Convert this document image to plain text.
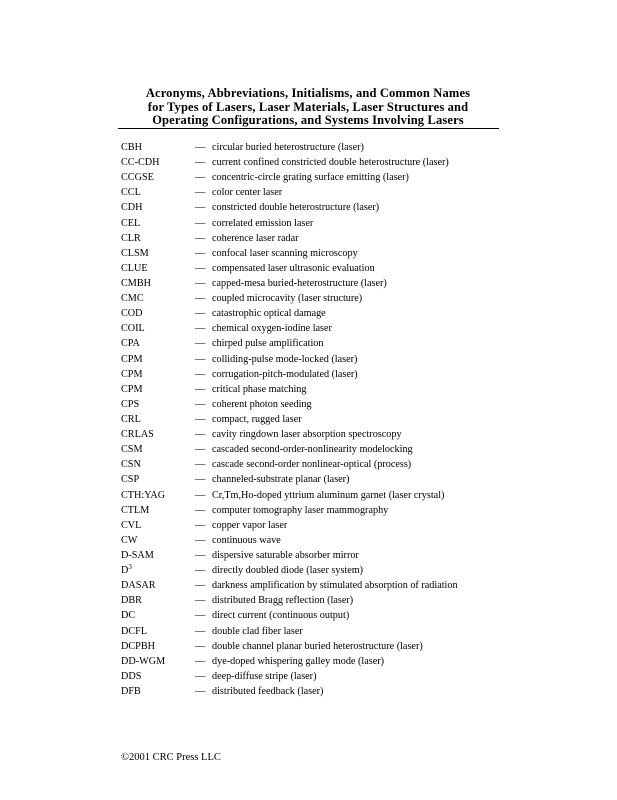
Acronyms, Abbreviations, Initialisms, and Common Names
for Types of Lasers, Laser Materials, Laser Structures and
Operating Configurations, and Systems Involving Lasers
CBH	— circular buried heterostructure (laser)
CC-CDH	— current confined constricted double heterostructure (laser)
CCGSE	— concentric-circle grating surface emitting (laser)
CCL	— color center laser
CDH	— constricted double heterostructure (laser)
CEL	— correlated emission laser
CLR	— coherence laser radar
CLSM	— confocal laser scanning microscopy
CLUE	— compensated laser ultrasonic evaluation
CMBH	— capped-mesa buried-heterostructure (laser)
CMC	— coupled microcavity (laser structure)
COD	— catastrophic optical damage
COIL	— chemical oxygen-iodine laser
CPA	— chirped pulse amplification
CPM	— colliding-pulse mode-locked (laser)
CPM	— corrugation-pitch-modulated (laser)
CPM	— critical phase matching
CPS	— coherent photon seeding
CRL	— compact, rugged laser
CRLAS	— cavity ringdown laser absorption spectroscopy
CSM	— cascaded second-order-nonlinearity modelocking
CSN	— cascade second-order nonlinear-optical (process)
CSP	— channeled-substrate planar (laser)
CTH:YAG	— Cr,Tm,Ho-doped yttrium aluminum garnet (laser crystal)
CTLM	— computer tomography laser mammography
CVL	— copper vapor laser
CW	— continuous wave
D-SAM	— dispersive saturable absorber mirror
$D^3$	— directly doubled diode (laser system)
DASAR	— darkness amplification by stimulated absorption of radiation
DBR	— distributed Bragg reflection (laser)
DC	— direct current (continuous output)
DCFL	— double clad fiber laser
DCPBH	— double channel planar buried heterostructure (laser)
DD-WGM	— dye-doped whispering galley mode (laser)
DDS	— deep-diffuse stripe (laser)
DFB	— distributed feedback (laser)
©2001 CRC Press LLC
